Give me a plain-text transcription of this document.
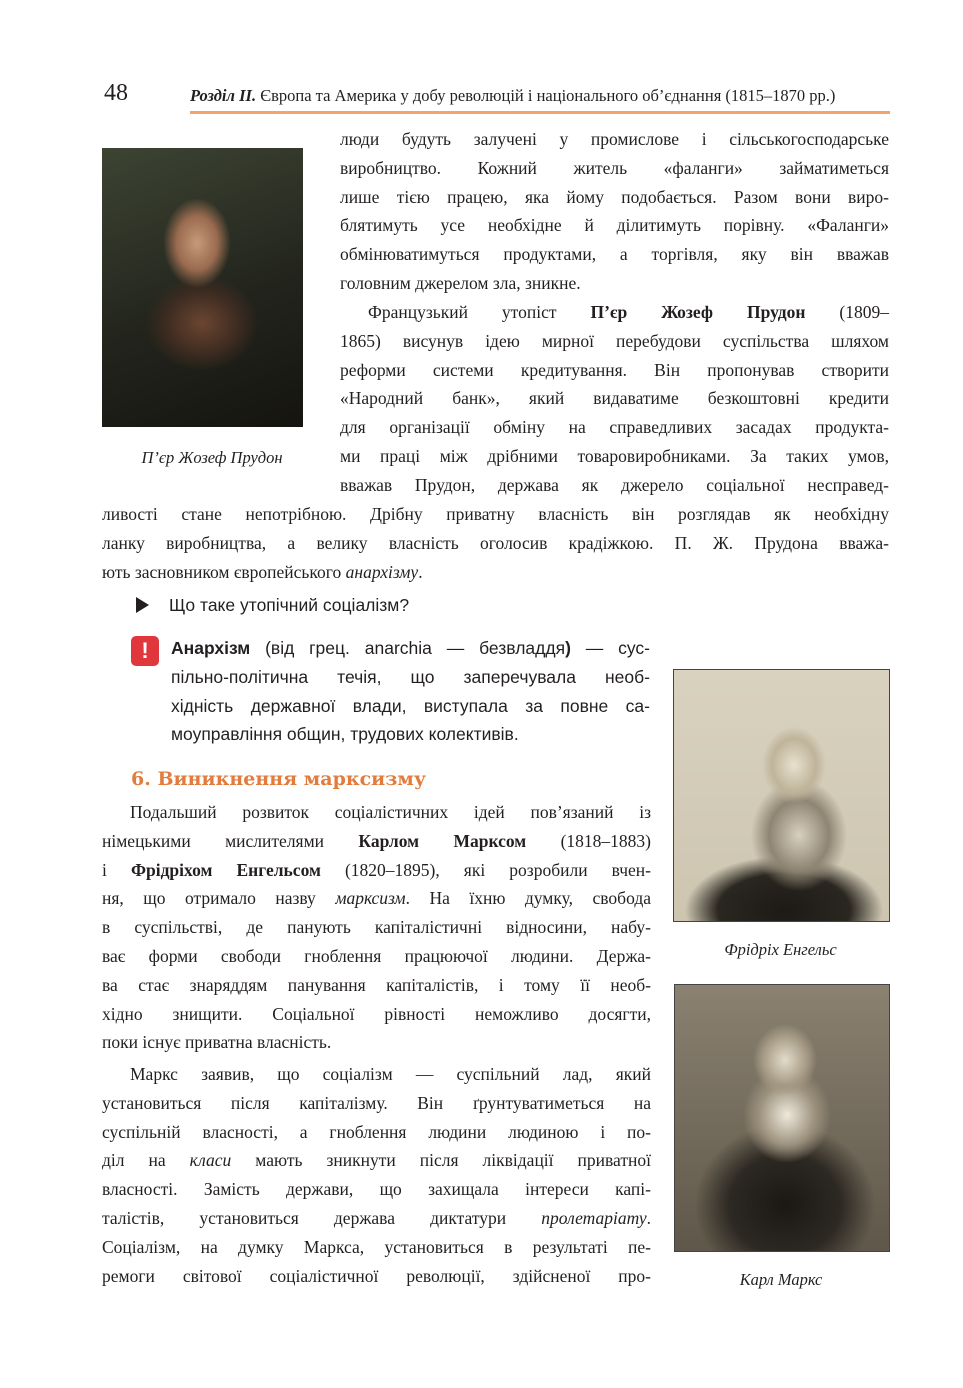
48	Розділ ІІ. Європа та Америка у добу революцій і національного об’єднання (1815–1870 рр.)
П’єр Жозеф Прудон
Фрідріх Енгельс
Карл Маркс
люди будуть залучені у промислове і сільськогосподарське
виробництво. Кожний житель «фаланги» займатиметься
лише тією працею, яка йому подобається. Разом вони виро-
блятимуть усе необхідне й ділитимуть порівну. «Фаланги»
обмінюватимуться продуктами, а торгівля, яку він вважав
головним джерелом зла, зникне.
Французький утопіст П’єр Жозеф Прудон (1809–
1865) висунув ідею мирної перебудови суспільства шляхом
реформи системи кредитування. Він пропонував створити
«Народний банк», який видаватиме безкоштовні кредити
для організації обміну на справедливих засадах продукта-
ми праці між дрібними товаровиробниками. За таких умов,
вважав Прудон, держава як джерело соціальної несправед-
ливості стане непотрібною. Дрібну приватну власність він розглядав як необхідну
ланку виробництва, а велику власність оголосив крадіжкою. П. Ж. Прудона вважа-
ють засновником європейського анархізму.
Що таке утопічний соціалізм?
!	Анархізм (від грец. anarchia — безвладдя) — сус-
пільно-політична течія, що заперечувала необ-
хідність державної влади, виступала за повне са-
моуправління общин, трудових колективів.
6. Виникнення марксизму
Подальший розвиток соціалістичних ідей пов’язаний із
німецькими мислителями Карлом Марксом (1818–1883)
і Фрідріхом Енгельсом (1820–1895), які розробили вчен-
ня, що отримало назву марксизм. На їхню думку, свобода
в суспільстві, де панують капіталістичні відносини, набу-
ває форми свободи гноблення працюючої людини. Держа-
ва стає знаряддям панування капіталістів, і тому її необ-
хідно знищити. Соціальної рівності неможливо досягти,
поки існує приватна власність.
Маркс заявив, що соціалізм — суспільний лад, який
установиться після капіталізму. Він ґрунтуватиметься на
суспільній власності, а гноблення людини людиною і по-
діл на класи мають зникнути після ліквідації приватної
власності. Замість держави, що захищала інтереси капі-
талістів, установиться держава диктатури пролетаріату.
Соціалізм, на думку Маркса, установиться в результаті пе-
ремоги світової соціалістичної революції, здійсненої про-
